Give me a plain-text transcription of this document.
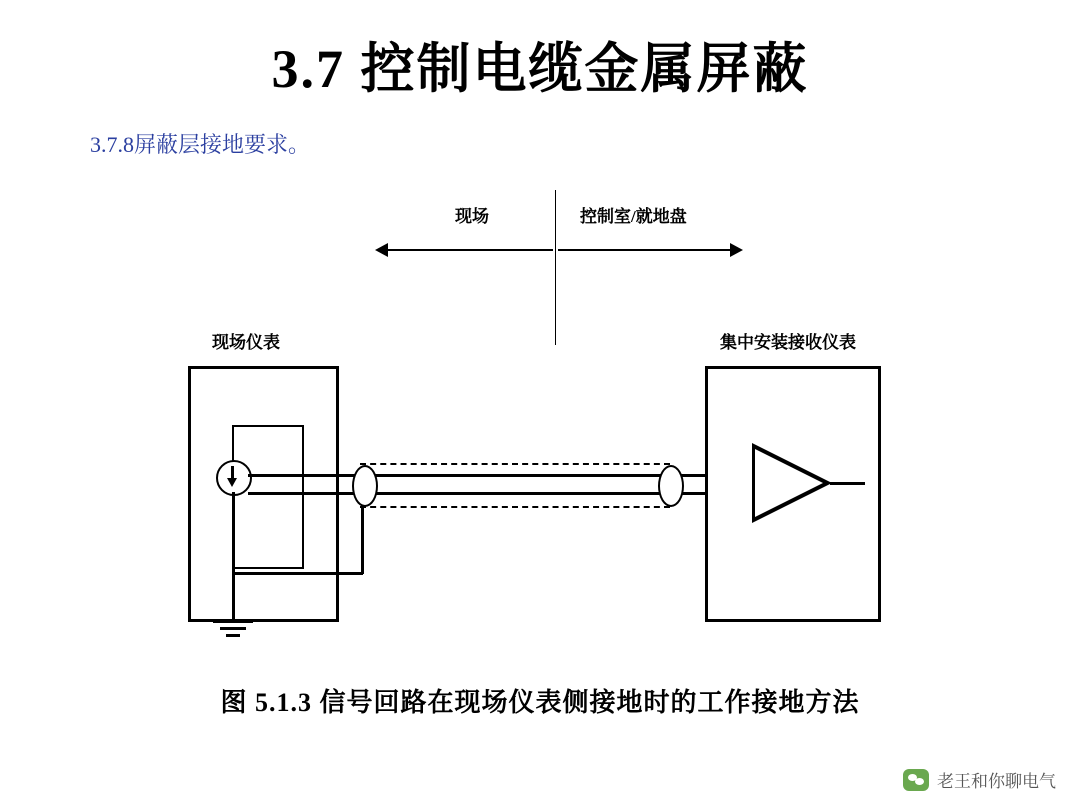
3.7 控制电缆金属屏蔽
3.7.8屏蔽层接地要求。
现场	控制室/就地盘
现场仪表	集中安装接收仪表
图 5.1.3 信号回路在现场仪表侧接地时的工作接地方法
老王和你聊电气
